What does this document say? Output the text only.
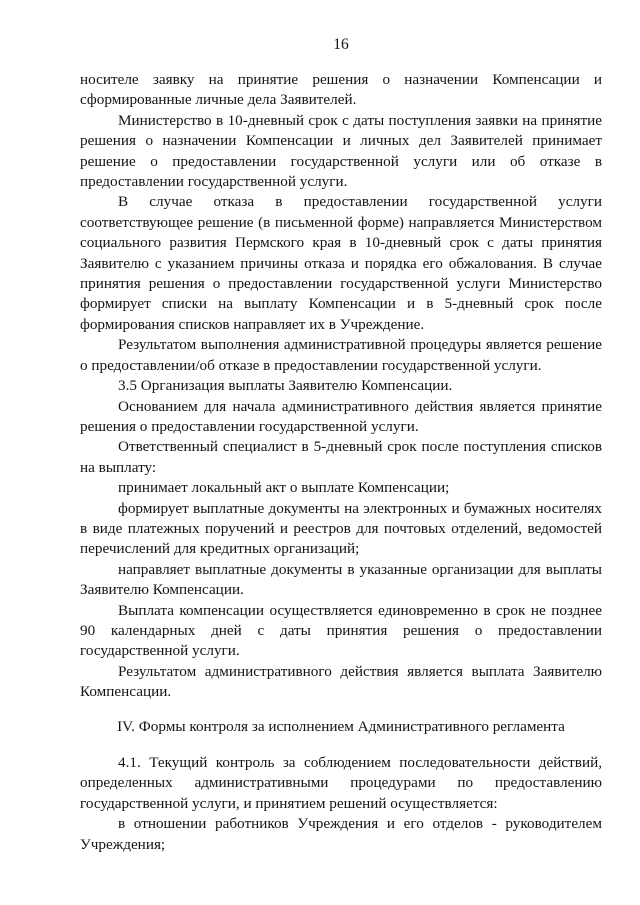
16

носителе заявку на принятие решения о назначении Компенсации и сформированные личные дела Заявителей.

Министерство в 10-дневный срок с даты поступления заявки на принятие решения о назначении Компенсации и личных дел Заявителей принимает решение о предоставлении государственной услуги или об отказе в предоставлении государственной услуги.

В случае отказа в предоставлении государственной услуги соответствующее решение (в письменной форме) направляется Министерством социального развития Пермского края в 10-дневный срок с даты принятия Заявителю с указанием причины отказа и порядка его обжалования. В случае принятия решения о предоставлении государственной услуги Министерство формирует списки на выплату Компенсации и в 5-дневный срок после формирования списков направляет их в Учреждение.

Результатом выполнения административной процедуры является решение о предоставлении/об отказе в предоставлении государственной услуги.

3.5 Организация выплаты Заявителю Компенсации.

Основанием для начала административного действия является принятие решения о предоставлении государственной услуги.

Ответственный специалист в 5-дневный срок после поступления списков на выплату:

принимает локальный акт о выплате Компенсации;

формирует выплатные документы на электронных и бумажных носителях в виде платежных поручений и реестров для почтовых отделений, ведомостей перечислений для кредитных организаций;

направляет выплатные документы в указанные организации для выплаты Заявителю Компенсации.

Выплата компенсации осуществляется единовременно в срок не позднее 90 календарных дней с даты принятия решения о предоставлении государственной услуги.

Результатом административного действия является выплата Заявителю Компенсации.

IV. Формы контроля за исполнением Административного регламента

4.1. Текущий контроль за соблюдением последовательности действий, определенных административными процедурами по предоставлению государственной услуги, и принятием решений осуществляется:

в отношении работников Учреждения и его отделов - руководителем Учреждения;
